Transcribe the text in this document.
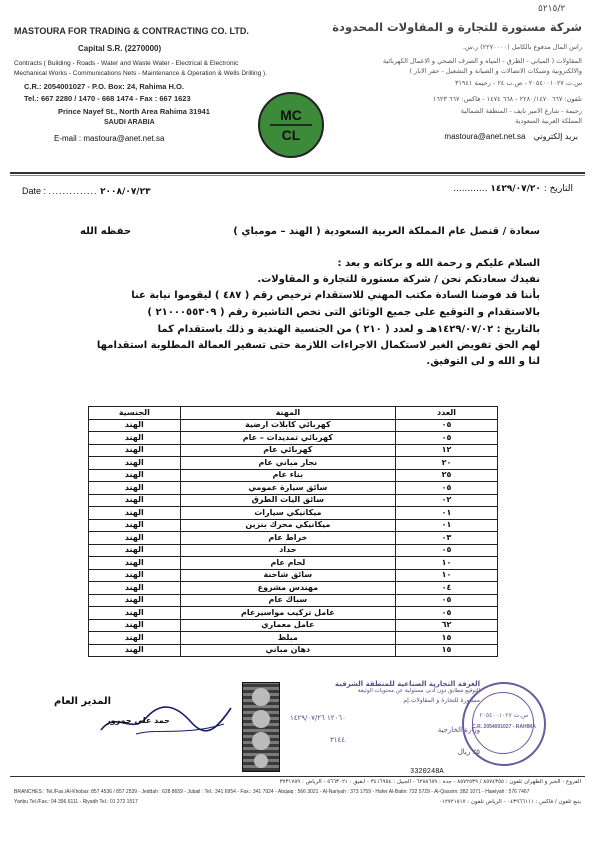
٥٢١٥/٢
MASTOURA FOR TRADING & CONTRACTING CO. LTD.
Capital S.R. (2270000)
Contracts ( Building - Roads - Water and Waste Water - Electrical & Electronic
Mechanical Works - Communications Nets - Maintenance & Operation & Wells Drilling ).
C.R.: 2054001027 - P.O. Box: 24, Rahima H.O.
Tel.: 667 2280 / 1470 - 668 1474 - Fax : 667 1623
Prince Nayef St., North Area Rahima 31941
SAUDI ARABIA
E-mail : mastoura@anet.net.sa
MC
CL
شركة مستورة للتجارة و المقاولات المحدودة
راس المال مدفوع بالكامل (٢٢٧٠٠٠٠) ر.س.
المقاولات ( المباني - الطرق - المياه و الصرف الصحي و الاعمال الكهربائية
والالكترونية وشبكات الاتصالات و الصيانة و التشغيل - حفر الابار )
س.ت ٢٠٥٤٠٠١٠٢٧ - ص.ب ٢٤ - رحيمة ٣١٩٤١
تلفون: ٦٦٧ ٢٢٨٠/١٤٧٠ - ٦٦٨ ١٤٧٤ - فاكس: ٦٦٧ ١٦٢٣
رحيمة - شارع الامير نايف - المنطقة الشمالية
المملكة العربية السعودية
mastoura@anet.net.sa بريد إلكتروني
Date : .............. ٢٠٠٨/٠٧/٢٣	التاريخ : ١٤٢٩/٠٧/٢٠ ............
سعادة / قنصل عام المملكة العربية السعودية ( الهند – مومباي )
حفظه الله
السلام عليكم و رحمة الله و بركاته و بعد :
نفيدك سعادتكم نحن / شركة مستورة للتجارة و المقاولات.
بأننا قد فوضنا السادة مكتب المهني للاستقدام ترخيص رقم ( ٤٨٧ ) ليقوموا نيابة عنا
بالاستقدام و التوقيع على جميع الوثائق التى تخص التاشيرة رقم ( ٢١٠٠٠٥٥٣٠٩ )
بالتاريخ : ١٤٢٩/٠٧/٠٢هـ و لعدد ( ٢١٠ ) من الجنسية الهندية و ذلك باستقدام كما
لهم الحق تفويض الغير لاستكمال الاجراءات اللازمة حتى تسفير العمالة المطلوبة استقدامها
لنا و الله و لى التوفيق.
الجنسية	المهنة	العدد
الهند	كهربائي كابلات ارضية	٠٥
الهند	كهربائي تمديدات – عام	٠٥
الهند	كهربائي عام	١٢
الهند	نجار مباني عام	٢٠
الهند	بناء عام	٢٥
الهند	سائق سيارة عمومي	٠٥
الهند	سائق اليات الطرق	٠٢
الهند	ميكانيكي سيارات	٠١
الهند	ميكانيكي محرك بنزين	٠١
الهند	خراط عام	٠٣
الهند	حداد	٠٥
الهند	لحام عام	١٠
الهند	سائق شاحنة	١٠
الهند	مهندس مشروع	٠٤
الهند	سباك عام	٠٥
الهند	عامل تركيب مواسيرعام	٠٥
الهند	عامل معماري	٦٢
الهند	مبلط	١٥
الهند	دهان مباني	١٥
المدير العام
حمد علي حمرور
الغرفة التجارية الصناعية للمنطقة الشرقية
التوقيع مطابق دون أدنى مسئولية عن محتويات الوثيقة
مستورة للتجارة و المقاولات.إم
١٢٠٦٠ ١٤٢٩/٠٧/٢٦
وزارة الخارجية
٣١٤٤
٢٥ ريال
3320248A
س.ت ٢٠٥٤٠٠١٠٢٧
C.R. 2054001027 - RAHIMA
الفروع - الخبر و الظهران تلفون : ٨٥٧٤٣٥٥ / ٨٥٧٢٥٣٩ - جدة : ٦٢٨٨٦٥٩ - الجبيل : ٣٤١٦٩٥٤ - ابقيق : ٥٦٦٣٠٢١ - الرياض : ٣٧٣١٧٥٩
BRANCHES : Tel./Fax./Al-Khobar: 857 4536 / 857 2539 - Jeddah : 628 8659 - Jubail : Tel.: 341 6954 - Fax.: 341 7924 - Abqaiq : 566 3021 - Al-Nariyah : 373 1759 - Hafer Al-Batin: 722 5729 - Al-Qassim: 382 1071 - Hawiyah : 576 7467
Yanbu Tel./Fax.: 04 396 6111 - Riyadh Tel.: 01 272 1517	ينبع تلفون / فاكس : ٠٤٣٩٦٦١١١ - الرياض تلفون : ٠١٢٧٢١٥١٧
